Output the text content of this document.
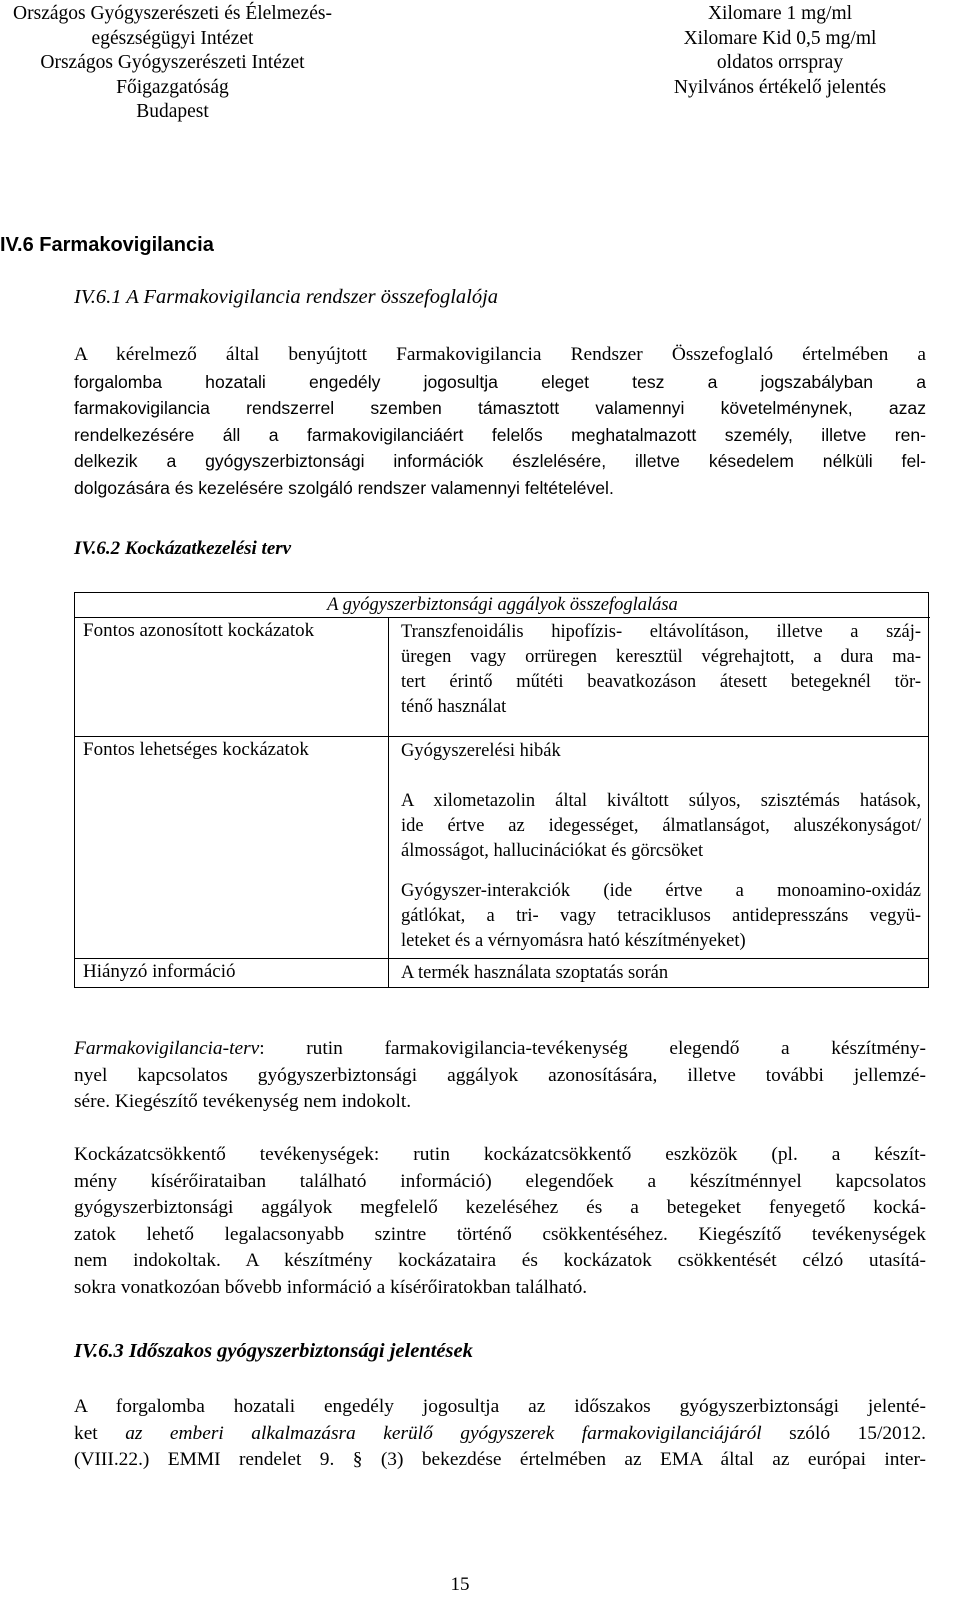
Országos Gyógyszerészeti és Élelmezés-
egészségügyi Intézet
Országos Gyógyszerészeti Intézet
Főigazgatóság
Budapest
Xilomare 1 mg/ml
Xilomare Kid 0,5 mg/ml
oldatos orrspray
Nyilvános értékelő jelentés
IV.6 Farmakovigilancia
IV.6.1 A Farmakovigilancia rendszer összefoglalója
A kérelmező által benyújtott Farmakovigilancia Rendszer Összefoglaló értelmében a
forgalomba hozatali engedély jogosultja eleget tesz a jogszabályban a
farmakovigilancia rendszerrel szemben támasztott valamennyi követelménynek, azaz
rendelkezésére áll a farmakovigilanciáért felelős meghatalmazott személy, illetve ren-
delkezik a gyógyszerbiztonsági információk észlelésére, illetve késedelem nélküli fel-
dolgozására és kezelésére szolgáló rendszer valamennyi feltételével.
IV.6.2 Kockázatkezelési terv
A gyógyszerbiztonsági aggályok összefoglalása
Fontos azonosított kockázatok	Transzfenoidális hipofízis- eltávolításon, illetve a száj-
üregen vagy orrüregen keresztül végrehajtott, a dura ma-
tert érintő műtéti beavatkozáson átesett betegeknél tör-
ténő használat
Fontos lehetséges kockázatok	Gyógyszerelési hibák
A xilometazolin által kiváltott súlyos, szisztémás hatások,
ide értve az idegességet, álmatlanságot, aluszékonyságot/
álmosságot, hallucinációkat és görcsöket
Gyógyszer-interakciók (ide értve a monoamino-oxidáz
gátlókat, a tri- vagy tetraciklusos antidepresszáns vegyü-
leteket és a vérnyomásra ható készítményeket)
Hiányzó információ	A termék használata szoptatás során
Farmakovigilancia-terv: rutin farmakovigilancia-tevékenység elegendő a készítmény-
nyel kapcsolatos gyógyszerbiztonsági aggályok azonosítására, illetve további jellemzé-
sére. Kiegészítő tevékenység nem indokolt.
Kockázatcsökkentő tevékenységek: rutin kockázatcsökkentő eszközök (pl. a készít-
mény kísérőirataiban található információ) elegendőek a készítménnyel kapcsolatos
gyógyszerbiztonsági aggályok megfelelő kezeléséhez és a betegeket fenyegető kocká-
zatok lehető legalacsonyabb szintre történő csökkentéséhez. Kiegészítő tevékenységek
nem indokoltak. A készítmény kockázataira és kockázatok csökkentését célzó utasítá-
sokra vonatkozóan bővebb információ a kísérőiratokban található.
IV.6.3 Időszakos gyógyszerbiztonsági jelentések
A forgalomba hozatali engedély jogosultja az időszakos gyógyszerbiztonsági jelenté-
ket az emberi alkalmazásra kerülő gyógyszerek farmakovigilanciájáról szóló 15/2012.
(VIII.22.) EMMI rendelet 9. § (3) bekezdése értelmében az EMA által az európai inter-
15
